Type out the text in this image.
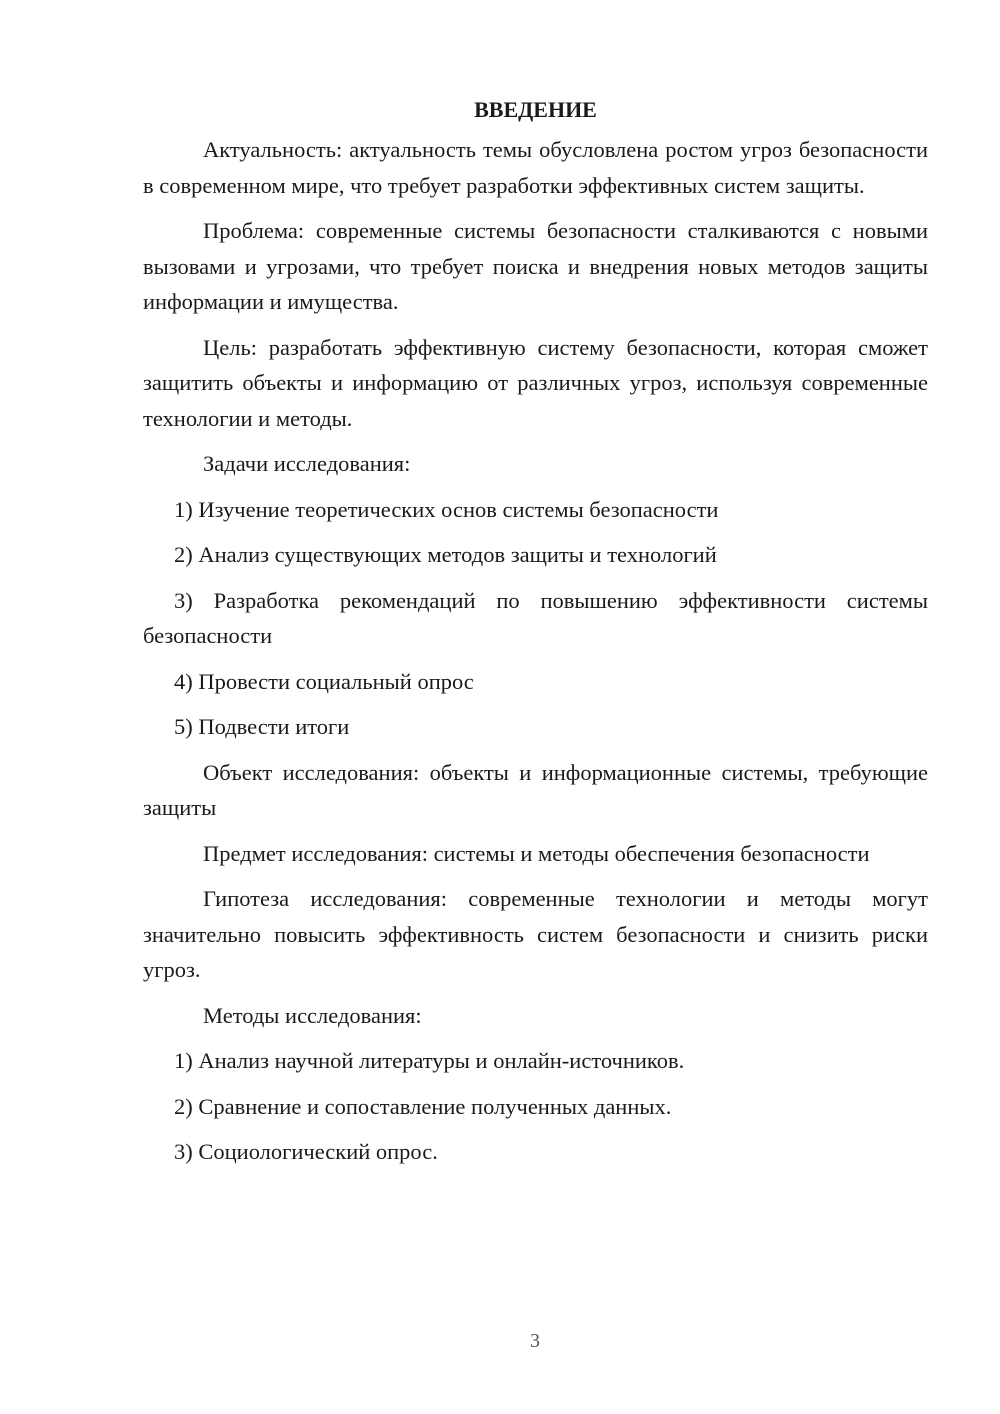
ВВЕДЕНИЕ

Актуальность: актуальность темы обусловлена ростом угроз безопасности в современном мире, что требует разработки эффективных систем защиты.

Проблема: современные системы безопасности сталкиваются с новыми вызовами и угрозами, что требует поиска и внедрения новых методов защиты информации и имущества.

Цель: разработать эффективную систему безопасности, которая сможет защитить объекты и информацию от различных угроз, используя современные технологии и методы.

Задачи исследования:

1) Изучение теоретических основ системы безопасности

2) Анализ существующих методов защиты и технологий

3) Разработка рекомендаций по повышению эффективности системы безопасности

4) Провести социальный опрос

5) Подвести итоги

Объект исследования: объекты и информационные системы, требующие защиты

Предмет исследования: системы и методы обеспечения безопасности

Гипотеза исследования: современные технологии и методы могут значительно повысить эффективность систем безопасности и снизить риски угроз.

Методы исследования:

1) Анализ научной литературы и онлайн-источников.

2) Сравнение и сопоставление полученных данных.

3) Социологический опрос.

3
